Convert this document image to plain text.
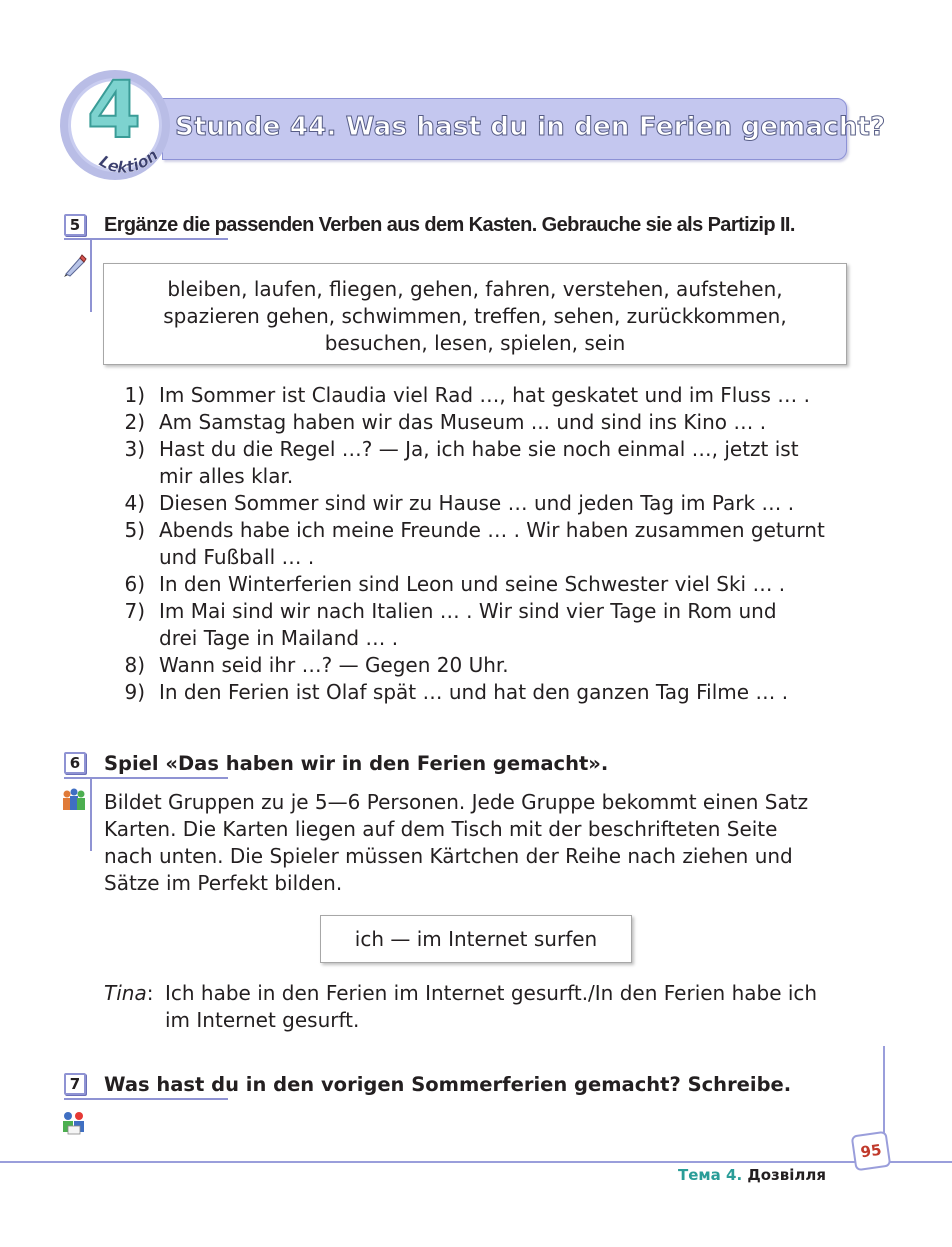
Stunde 44. Was hast du in den Ferien gemacht?
4
Lektion
5 Ergänze die passenden Verben aus dem Kasten. Gebrauche sie als Partizip II.
bleiben, laufen, fliegen, gehen, fahren, verstehen, aufstehen,
spazieren gehen, schwimmen, treffen, sehen, zurückkommen,
besuchen, lesen, spielen, sein
1) Im Sommer ist Claudia viel Rad …, hat geskatet und im Fluss … .
2) Am Samstag haben wir das Museum ... und sind ins Kino … .
3) Hast du die Regel …? — Ja, ich habe sie noch einmal …, jetzt ist
mir alles klar.
4) Diesen Sommer sind wir zu Hause … und jeden Tag im Park … .
5) Abends habe ich meine Freunde … . Wir haben zusammen geturnt
und Fußball … .
6) In den Winterferien sind Leon und seine Schwester viel Ski … .
7) Im Mai sind wir nach Italien … . Wir sind vier Tage in Rom und
drei Tage in Mailand … .
8) Wann seid ihr …? — Gegen 20 Uhr.
9) In den Ferien ist Olaf spät … und hat den ganzen Tag Filme … .
6 Spiel «Das haben wir in den Ferien gemacht».
Bildet Gruppen zu je 5—6 Personen. Jede Gruppe bekommt einen Satz
Karten. Die Karten liegen auf dem Tisch mit der beschrifteten Seite
nach unten. Die Spieler müssen Kärtchen der Reihe nach ziehen und
Sätze im Perfekt bilden.
ich — im Internet surfen
Tina: Ich habe in den Ferien im Internet gesurft./In den Ferien habe ich
im Internet gesurft.
7 Was hast du in den vorigen Sommerferien gemacht? Schreibe.
95
Тема 4. Дозвілля
